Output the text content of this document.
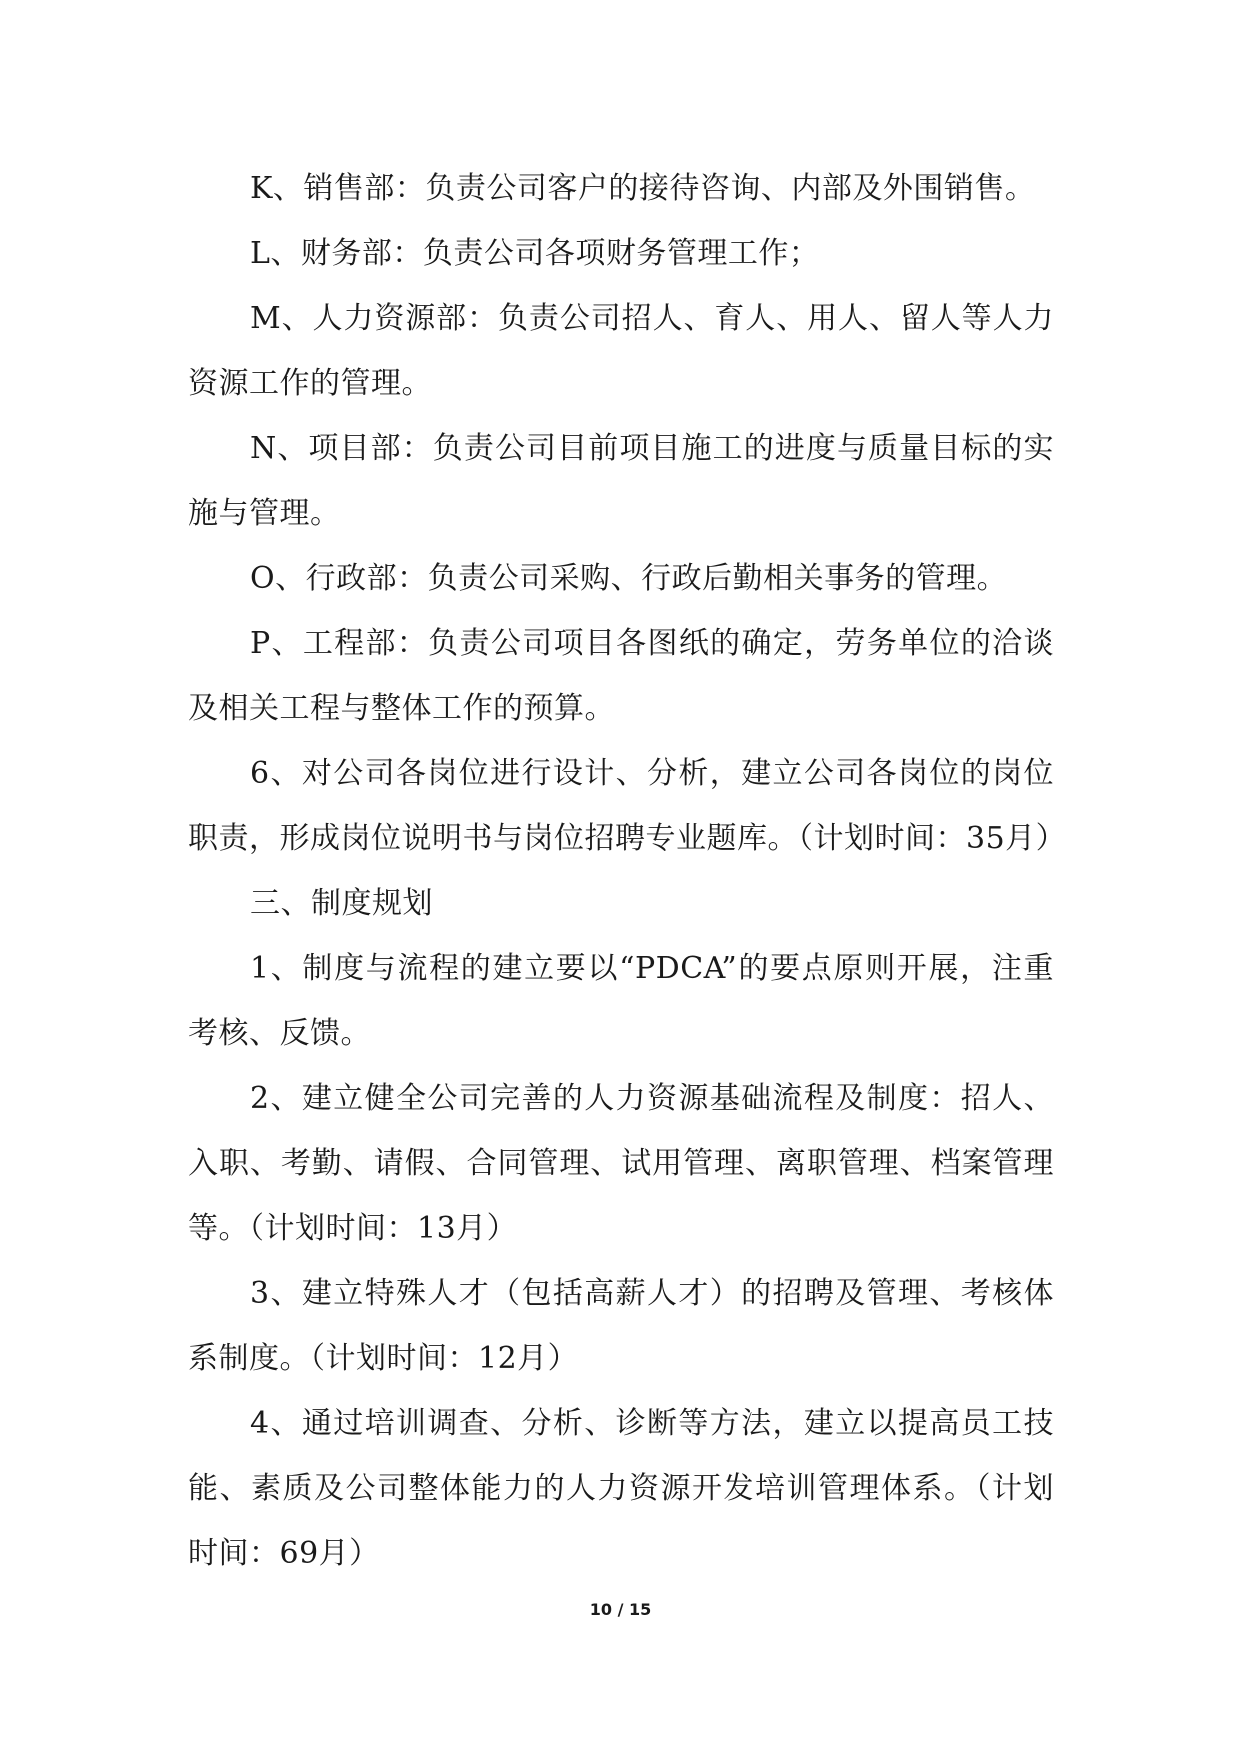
K、销售部：负责公司客户的接待咨询、内部及外围销售。

L、财务部：负责公司各项财务管理工作；

M、人力资源部：负责公司招人、育人、用人、留人等人力资源工作的管理。

N、项目部：负责公司目前项目施工的进度与质量目标的实施与管理。

O、行政部：负责公司采购、行政后勤相关事务的管理。

P、工程部：负责公司项目各图纸的确定，劳务单位的洽谈及相关工程与整体工作的预算。

6、对公司各岗位进行设计、分析，建立公司各岗位的岗位职责，形成岗位说明书与岗位招聘专业题库。（计划时间：35月）

三、制度规划

1、制度与流程的建立要以“PDCA”的要点原则开展，注重考核、反馈。

2、建立健全公司完善的人力资源基础流程及制度：招人、入职、考勤、请假、合同管理、试用管理、离职管理、档案管理等。（计划时间：13月）

3、建立特殊人才（包括高薪人才）的招聘及管理、考核体系制度。（计划时间：12月）

4、通过培训调查、分析、诊断等方法，建立以提高员工技能、素质及公司整体能力的人力资源开发培训管理体系。（计划时间：69月）

10 / 15
